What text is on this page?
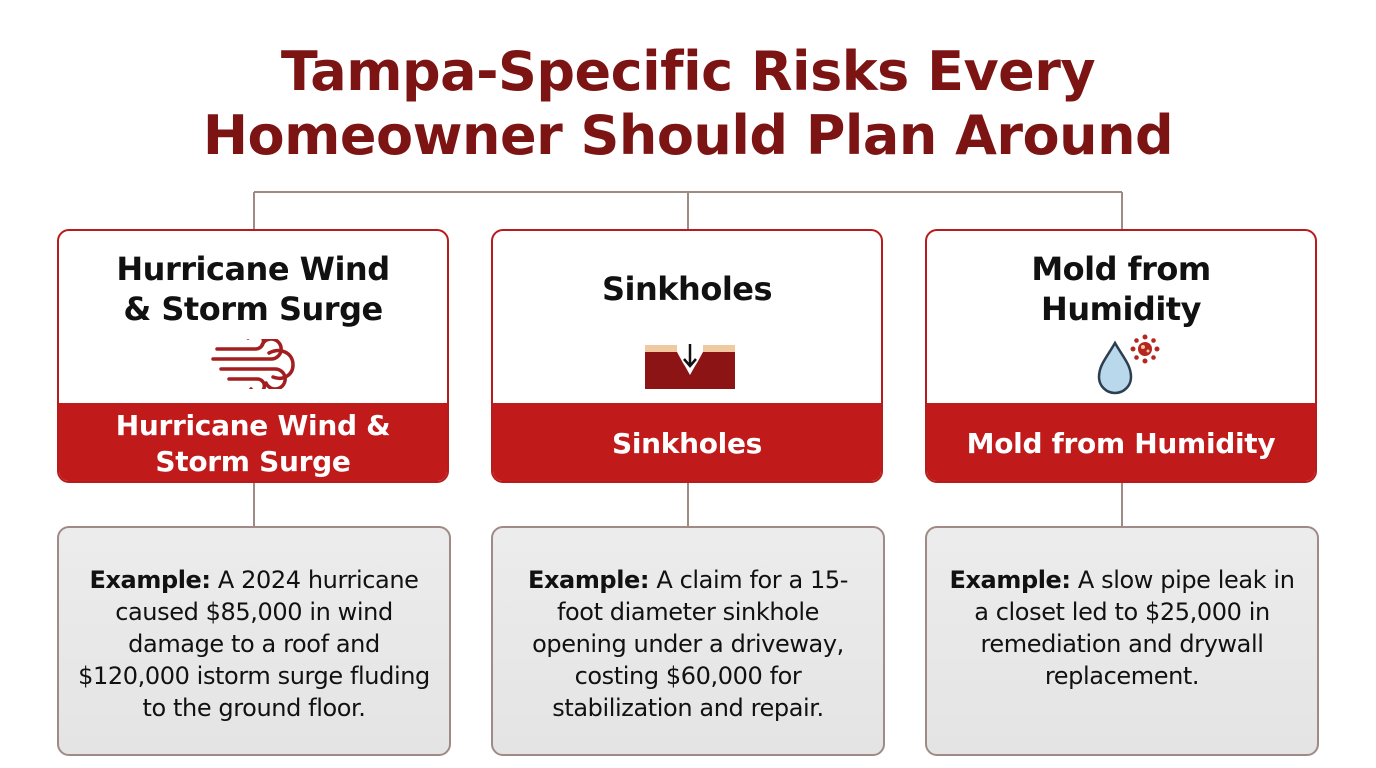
Tampa-Specific Risks Every
Homeowner Should Plan Around
Hurricane Wind
& Storm Surge
Hurricane Wind & Storm Surge
Sinkholes
Sinkholes
Mold from
Humidity
Mold from Humidity
Example: A 2024 hurricane caused $85,000 in wind damage to a roof and $120,000 istorm surge fluding to the ground floor.
Example: A claim for a 15-foot diameter sinkhole opening under a driveway, costing $60,000 for stabilization and repair.
Example: A slow pipe leak in a closet led to $25,000 in remediation and drywall replacement.
